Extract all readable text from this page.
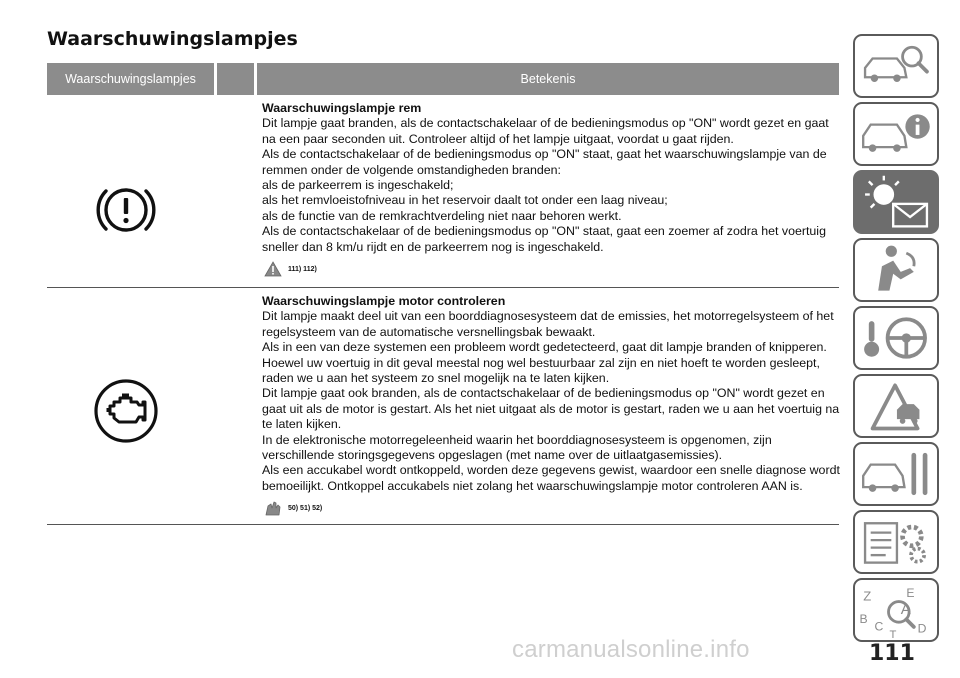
Waarschuwingslampjes
Waarschuwingslampjes	Betekenis

Waarschuwingslampje rem

Dit lampje gaat branden, als de contactschakelaar of de bedieningsmodus op "ON" wordt gezet en gaat na een paar seconden uit. Controleer altijd of het lampje uitgaat, voordat u gaat rijden.

Als de contactschakelaar of de bedieningsmodus op "ON" staat, gaat het waarschuwingslampje van de remmen onder de volgende omstandigheden branden:

als de parkeerrem is ingeschakeld;

als het remvloeistofniveau in het reservoir daalt tot onder een laag niveau;

als de functie van de remkrachtverdeling niet naar behoren werkt.

Als de contactschakelaar of de bedieningsmodus op "ON" staat, gaat een zoemer af zodra het voertuig sneller dan 8 km/u rijdt en de parkeerrem nog is ingeschakeld.

111) 112)

Waarschuwingslampje motor controleren

Dit lampje maakt deel uit van een boorddiagnosesysteem dat de emissies, het motorregelsysteem of het regelsysteem van de automatische versnellingsbak bewaakt.

Als in een van deze systemen een probleem wordt gedetecteerd, gaat dit lampje branden of knipperen. Hoewel uw voertuig in dit geval meestal nog wel bestuurbaar zal zijn en niet hoeft te worden gesleept, raden we u aan het systeem zo snel mogelijk na te laten kijken.

Dit lampje gaat ook branden, als de contactschakelaar of de bedieningsmodus op "ON" wordt gezet en gaat uit als de motor is gestart. Als het niet uitgaat als de motor is gestart, raden we u aan het voertuig na te laten kijken.

In de elektronische motorregeleenheid waarin het boorddiagnosesysteem is opgenomen, zijn verschillende storingsgegevens opgeslagen (met name over de uitlaatgasemissies).

Als een accukabel wordt ontkoppeld, worden deze gegevens gewist, waardoor een snelle diagnose wordt bemoeilijkt. Ontkoppel accukabels niet zolang het waarschuwingslampje motor controleren AAN is.

50) 51) 52)
Z	E
A
B
C	D
T
carmanualsonline.info	111
